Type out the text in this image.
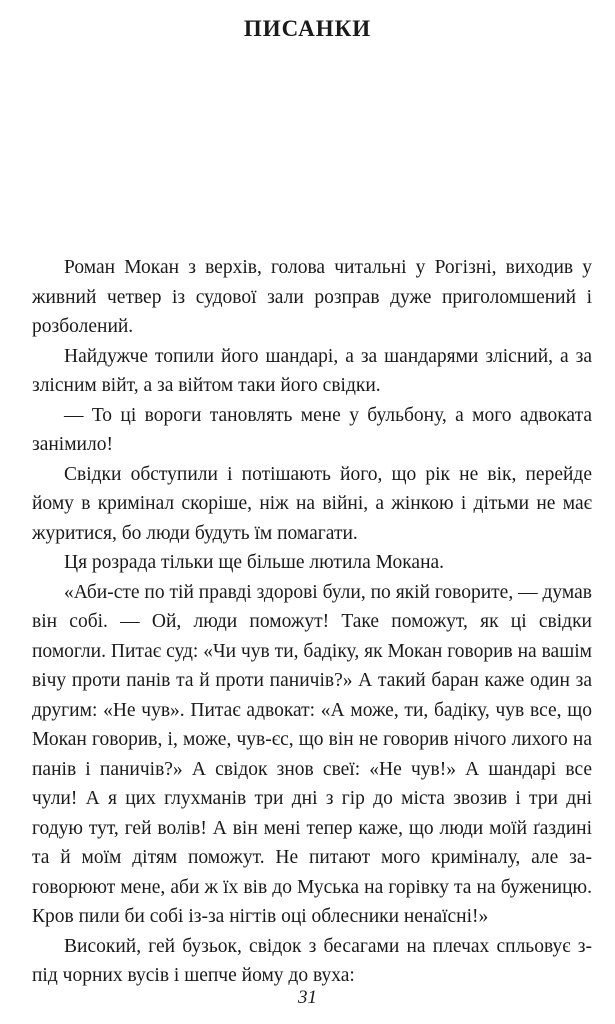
ПИСАНКИ

Роман Мокан з верхів, голова читальні у Рогізні, виходив у живний четвер із судової зали розправ дуже приголомшений і розболений.

Найдужче топили його шандарі, а за шандарями злісний, а за злісним війт, а за війтом таки його свідки.

— То ці вороги тановлять мене у бульбону, а мого адвоката занімило!

Свідки обступили і потішають його, що рік не вік, перейде йому в кримінал скоріше, ніж на війні, а жінкою і дітьми не має журитися, бо люди будуть їм помагати.

Ця розрада тільки ще більше лютила Мокана.

«Аби-сте по тій правді здорові були, по якій говорите, — думав він собі. — Ой, люди поможут! Таке поможут, як ці свідки помогли. Питає суд: «Чи чув ти, бадіку, як Мокан говорив на вашім вічу проти панів та й проти паничів?» А такий баран каже один за другим: «Не чув». Питає адвокат: «А може, ти, бадіку, чув все, що Мокан говорив, і, може, чув-єс, що він не говорив нічого лихого на панів і паничів?» А свідок знов свеї: «Не чув!» А шандарі все чули! А я цих глухманів три дні з гір до міста звозив і три дні годую тут, гей волів! А він мені тепер каже, що люди моїй ґаздині та й моїм дітям поможут. Не питают мого криміналу, але заговорюют мене, аби ж їх вів до Муська на горівку та на буженицю. Кров пили би собі із-за нігтів оці облесники ненаїсні!»

Високий, гей бузьок, свідок з бесагами на плечах спльовує з-під чорних вусів і шепче йому до вуха:

31
